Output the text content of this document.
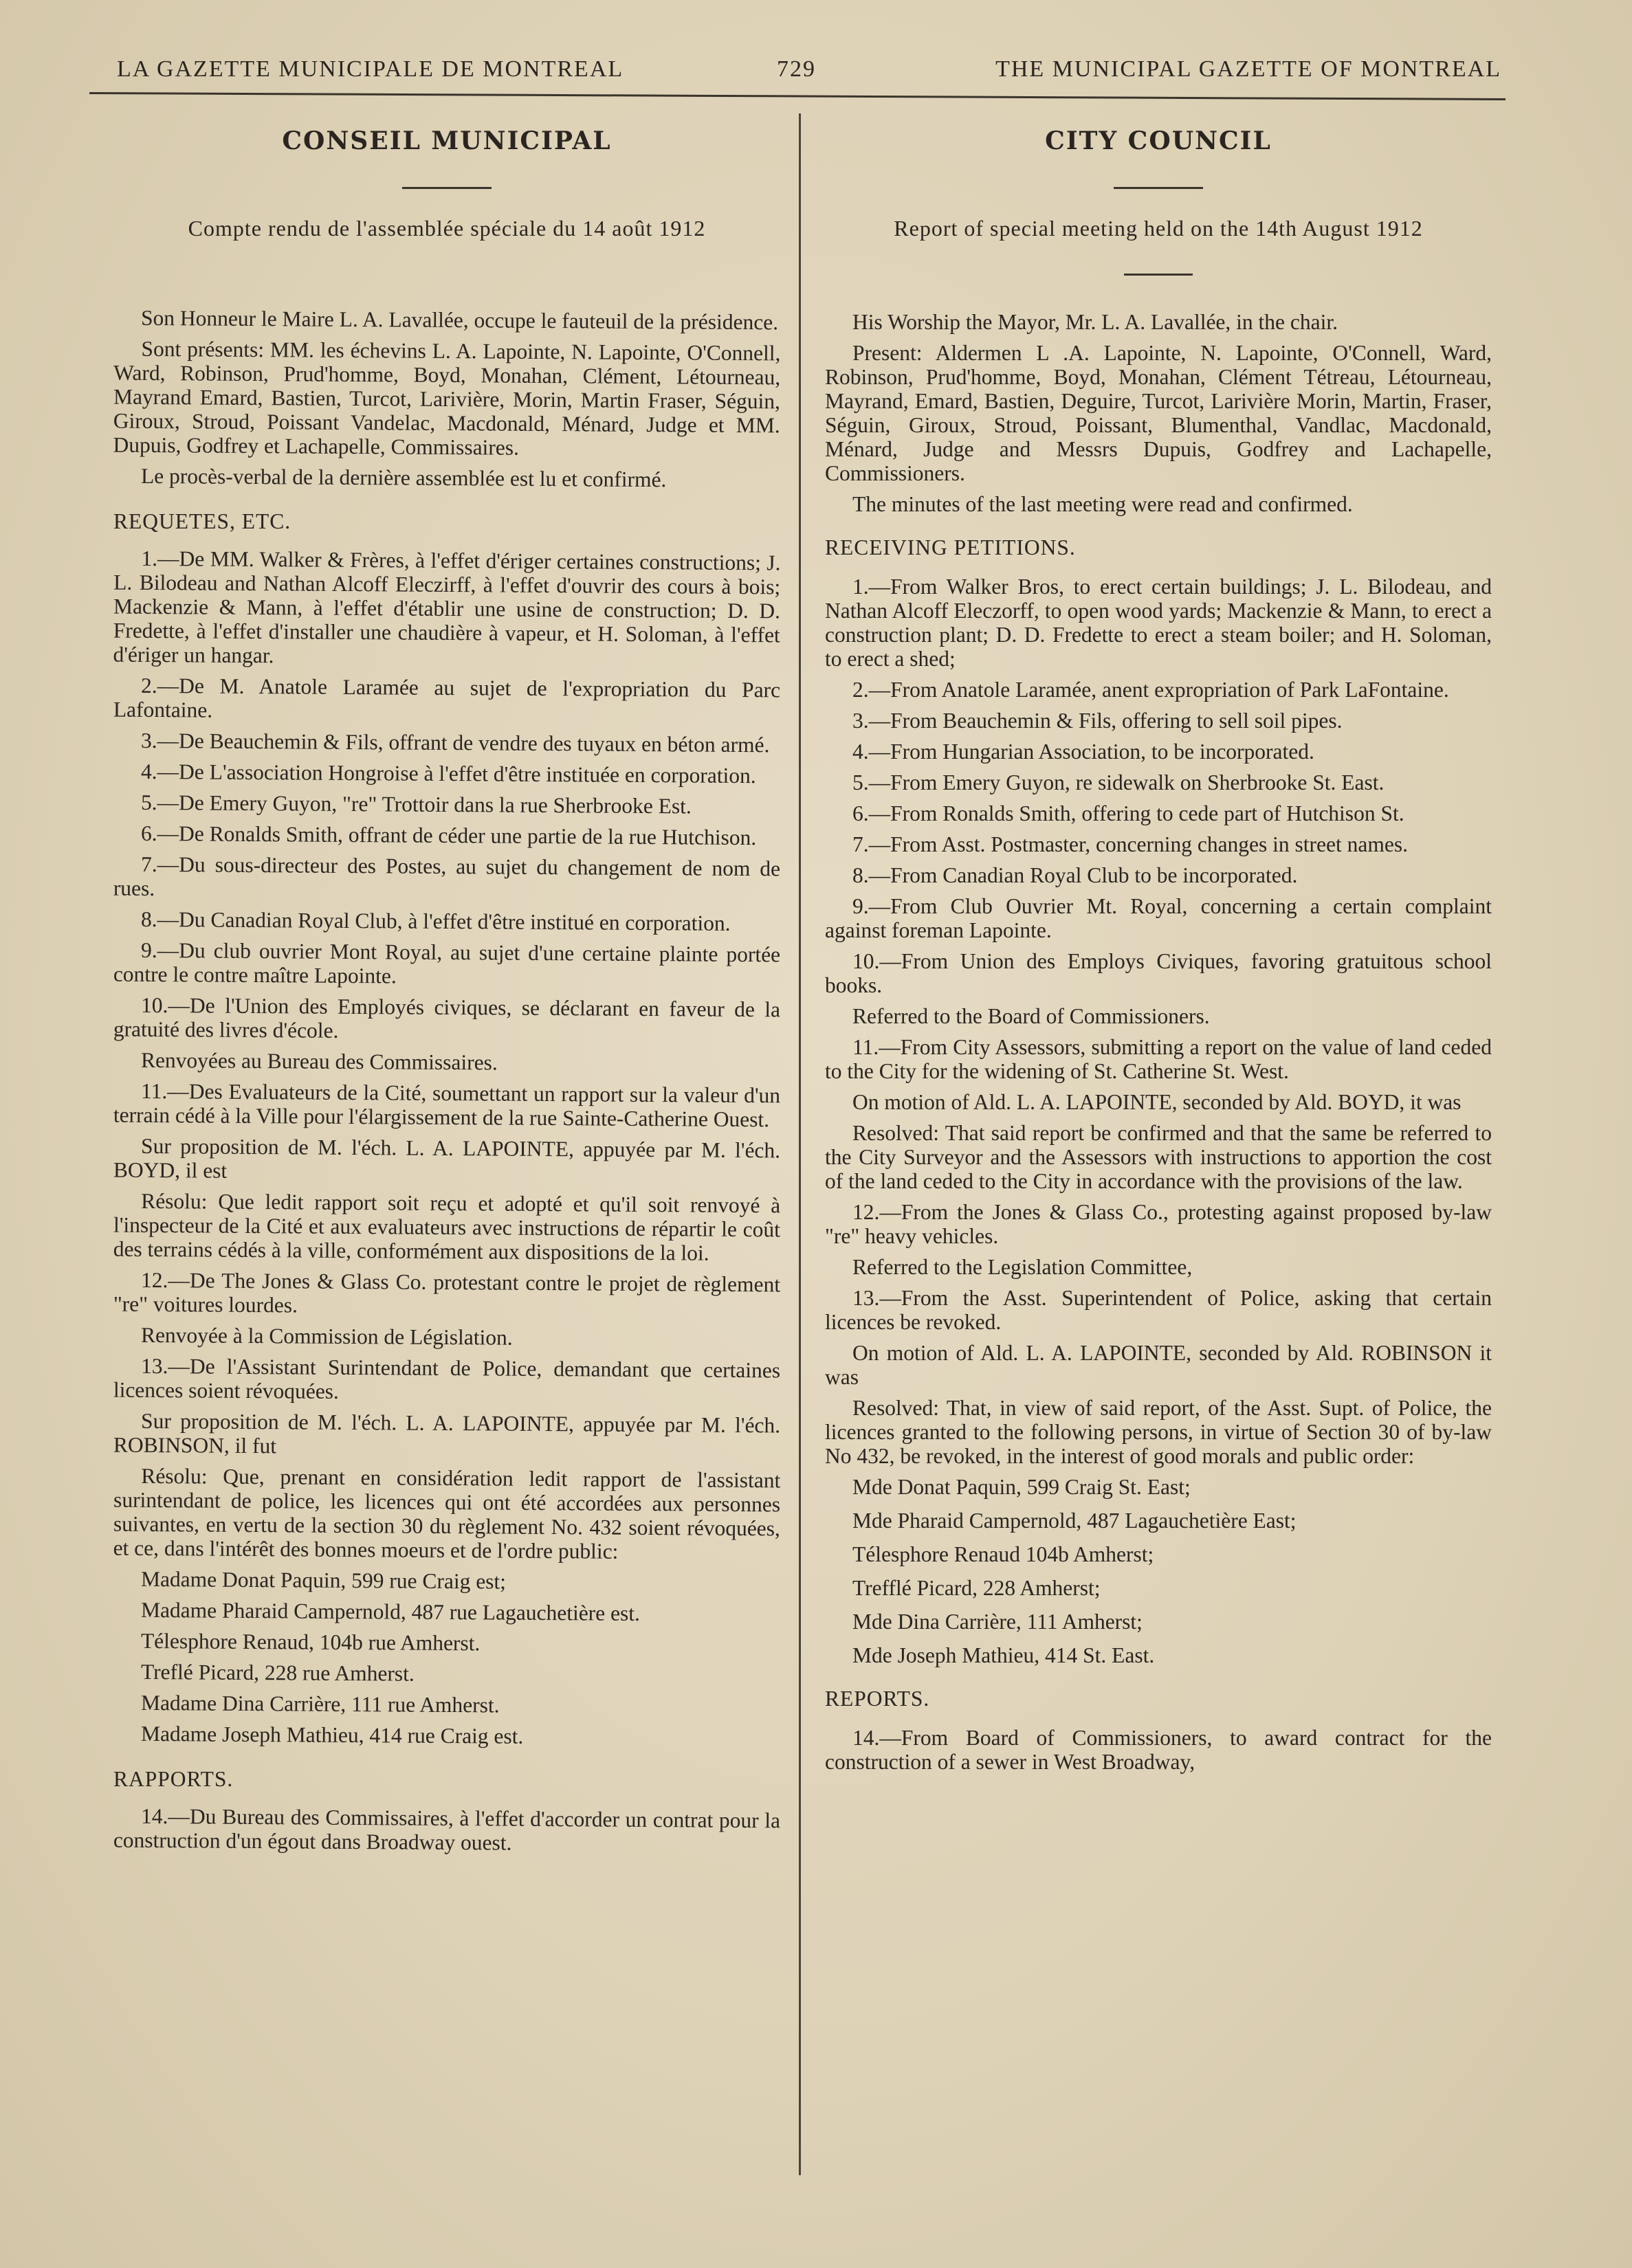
LA GAZETTE MUNICIPALE DE MONTREAL	729	THE MUNICIPAL GAZETTE OF MONTREAL
CONSEIL MUNICIPAL
Compte rendu de l'assemblée spéciale du 14 août 1912

Son Honneur le Maire L. A. Lavallée, occupe le fauteuil de la présidence.

Sont présents: MM. les échevins L. A. Lapointe, N. Lapointe, O'Connell, Ward, Robinson, Prud'homme, Boyd, Monahan, Clément, Létourneau, Mayrand Emard, Bastien, Turcot, Larivière, Morin, Martin Fraser, Séguin, Giroux, Stroud, Poissant Vandelac, Macdonald, Ménard, Judge et MM. Dupuis, Godfrey et Lachapelle, Commissaires.

Le procès-verbal de la dernière assemblée est lu et confirmé.

REQUETES, ETC.

1.—De MM. Walker & Frères, à l'effet d'ériger certaines constructions; J. L. Bilodeau and Nathan Alcoff Eleczirff, à l'effet d'ouvrir des cours à bois; Mackenzie & Mann, à l'effet d'établir une usine de construction; D. D. Fredette, à l'effet d'installer une chaudière à vapeur, et H. Soloman, à l'effet d'ériger un hangar.

2.—De M. Anatole Laramée au sujet de l'expropriation du Parc Lafontaine.

3.—De Beauchemin & Fils, offrant de vendre des tuyaux en béton armé.

4.—De L'association Hongroise à l'effet d'être instituée en corporation.

5.—De Emery Guyon, "re" Trottoir dans la rue Sherbrooke Est.

6.—De Ronalds Smith, offrant de céder une partie de la rue Hutchison.

7.—Du sous-directeur des Postes, au sujet du changement de nom de rues.

8.—Du Canadian Royal Club, à l'effet d'être institué en corporation.

9.—Du club ouvrier Mont Royal, au sujet d'une certaine plainte portée contre le contre maître Lapointe.

10.—De l'Union des Employés civiques, se déclarant en faveur de la gratuité des livres d'école.

Renvoyées au Bureau des Commissaires.

11.—Des Evaluateurs de la Cité, soumettant un rapport sur la valeur d'un terrain cédé à la Ville pour l'élargissement de la rue Sainte-Catherine Ouest.

Sur proposition de M. l'éch. L. A. LAPOINTE, appuyée par M. l'éch. BOYD, il est

Résolu: Que ledit rapport soit reçu et adopté et qu'il soit renvoyé à l'inspecteur de la Cité et aux evaluateurs avec instructions de répartir le coût des terrains cédés à la ville, conformément aux dispositions de la loi.

12.—De The Jones & Glass Co. protestant contre le projet de règlement "re" voitures lourdes.

Renvoyée à la Commission de Législation.

13.—De l'Assistant Surintendant de Police, demandant que certaines licences soient révoquées.

Sur proposition de M. l'éch. L. A. LAPOINTE, appuyée par M. l'éch. ROBINSON, il fut

Résolu: Que, prenant en considération ledit rapport de l'assistant surintendant de police, les licences qui ont été accordées aux personnes suivantes, en vertu de la section 30 du règlement No. 432 soient révoquées, et ce, dans l'intérêt des bonnes moeurs et de l'ordre public:

Madame Donat Paquin, 599 rue Craig est;

Madame Pharaid Campernold, 487 rue Lagauchetière est.

Télesphore Renaud, 104b rue Amherst.

Treflé Picard, 228 rue Amherst.

Madame Dina Carrière, 111 rue Amherst.

Madame Joseph Mathieu, 414 rue Craig est.

RAPPORTS.

14.—Du Bureau des Commissaires, à l'effet d'accorder un contrat pour la construction d'un égout dans Broadway ouest.

CITY COUNCIL
Report of special meeting held on the 14th August 1912

His Worship the Mayor, Mr. L. A. Lavallée, in the chair.

Present: Aldermen L .A. Lapointe, N. Lapointe, O'Connell, Ward, Robinson, Prud'homme, Boyd, Monahan, Clément Tétreau, Létourneau, Mayrand, Emard, Bastien, Deguire, Turcot, Larivière Morin, Martin, Fraser, Séguin, Giroux, Stroud, Poissant, Blumenthal, Vandlac, Macdonald, Ménard, Judge and Messrs Dupuis, Godfrey and Lachapelle, Commissioners.

The minutes of the last meeting were read and confirmed.

RECEIVING PETITIONS.

1.—From Walker Bros, to erect certain buildings; J. L. Bilodeau, and Nathan Alcoff Eleczorff, to open wood yards; Mackenzie & Mann, to erect a construction plant; D. D. Fredette to erect a steam boiler; and H. Soloman, to erect a shed;

2.—From Anatole Laramée, anent expropriation of Park LaFontaine.

3.—From Beauchemin & Fils, offering to sell soil pipes.

4.—From Hungarian Association, to be incorporated.

5.—From Emery Guyon, re sidewalk on Sherbrooke St. East.

6.—From Ronalds Smith, offering to cede part of Hutchison St.

7.—From Asst. Postmaster, concerning changes in street names.

8.—From Canadian Royal Club to be incorporated.

9.—From Club Ouvrier Mt. Royal, concerning a certain complaint against foreman Lapointe.

10.—From Union des Employs Civiques, favoring gratuitous school books.

Referred to the Board of Commissioners.

11.—From City Assessors, submitting a report on the value of land ceded to the City for the widening of St. Catherine St. West.

On motion of Ald. L. A. LAPOINTE, seconded by Ald. BOYD, it was

Resolved: That said report be confirmed and that the same be referred to the City Surveyor and the Assessors with instructions to apportion the cost of the land ceded to the City in accordance with the provisions of the law.

12.—From the Jones & Glass Co., protesting against proposed by-law "re" heavy vehicles.

Referred to the Legislation Committee,

13.—From the Asst. Superintendent of Police, asking that certain licences be revoked.

On motion of Ald. L. A. LAPOINTE, seconded by Ald. ROBINSON it was

Resolved: That, in view of said report, of the Asst. Supt. of Police, the licences granted to the following persons, in virtue of Section 30 of by-law No 432, be revoked, in the interest of good morals and public order:

Mde Donat Paquin, 599 Craig St. East;

Mde Pharaid Campernold, 487 Lagauchetière East;

Télesphore Renaud 104b Amherst;

Trefflé Picard, 228 Amherst;

Mde Dina Carrière, 111 Amherst;

Mde Joseph Mathieu, 414 St. East.

REPORTS.

14.—From Board of Commissioners, to award contract for the construction of a sewer in West Broadway,
